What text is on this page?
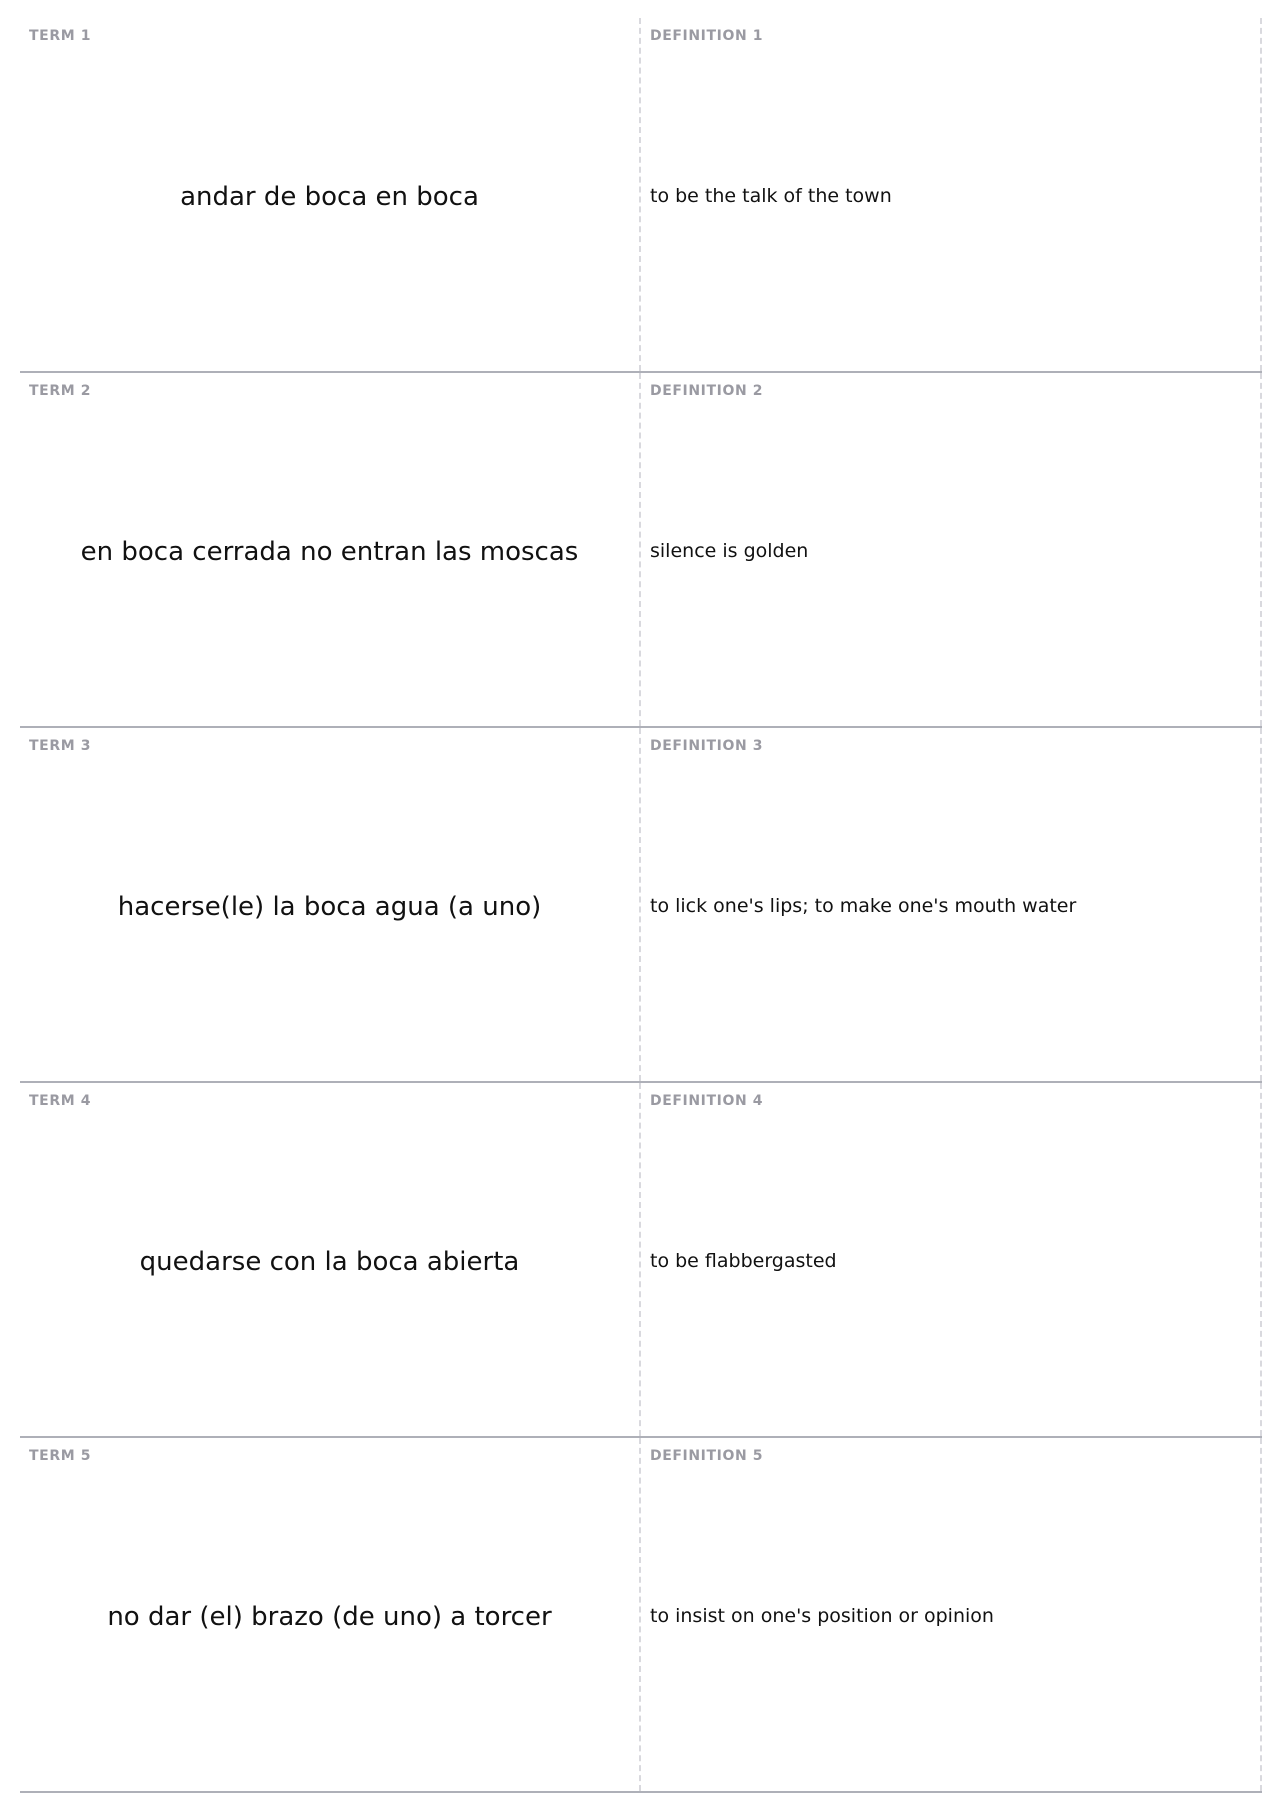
TERM 1
andar de boca en boca
DEFINITION 1
to be the talk of the town
TERM 2
en boca cerrada no entran las moscas
DEFINITION 2
silence is golden
TERM 3
hacerse(le) la boca agua (a uno)
DEFINITION 3
to lick one's lips; to make one's mouth water
TERM 4
quedarse con la boca abierta
DEFINITION 4
to be flabbergasted
TERM 5
no dar (el) brazo (de uno) a torcer
DEFINITION 5
to insist on one's position or opinion
